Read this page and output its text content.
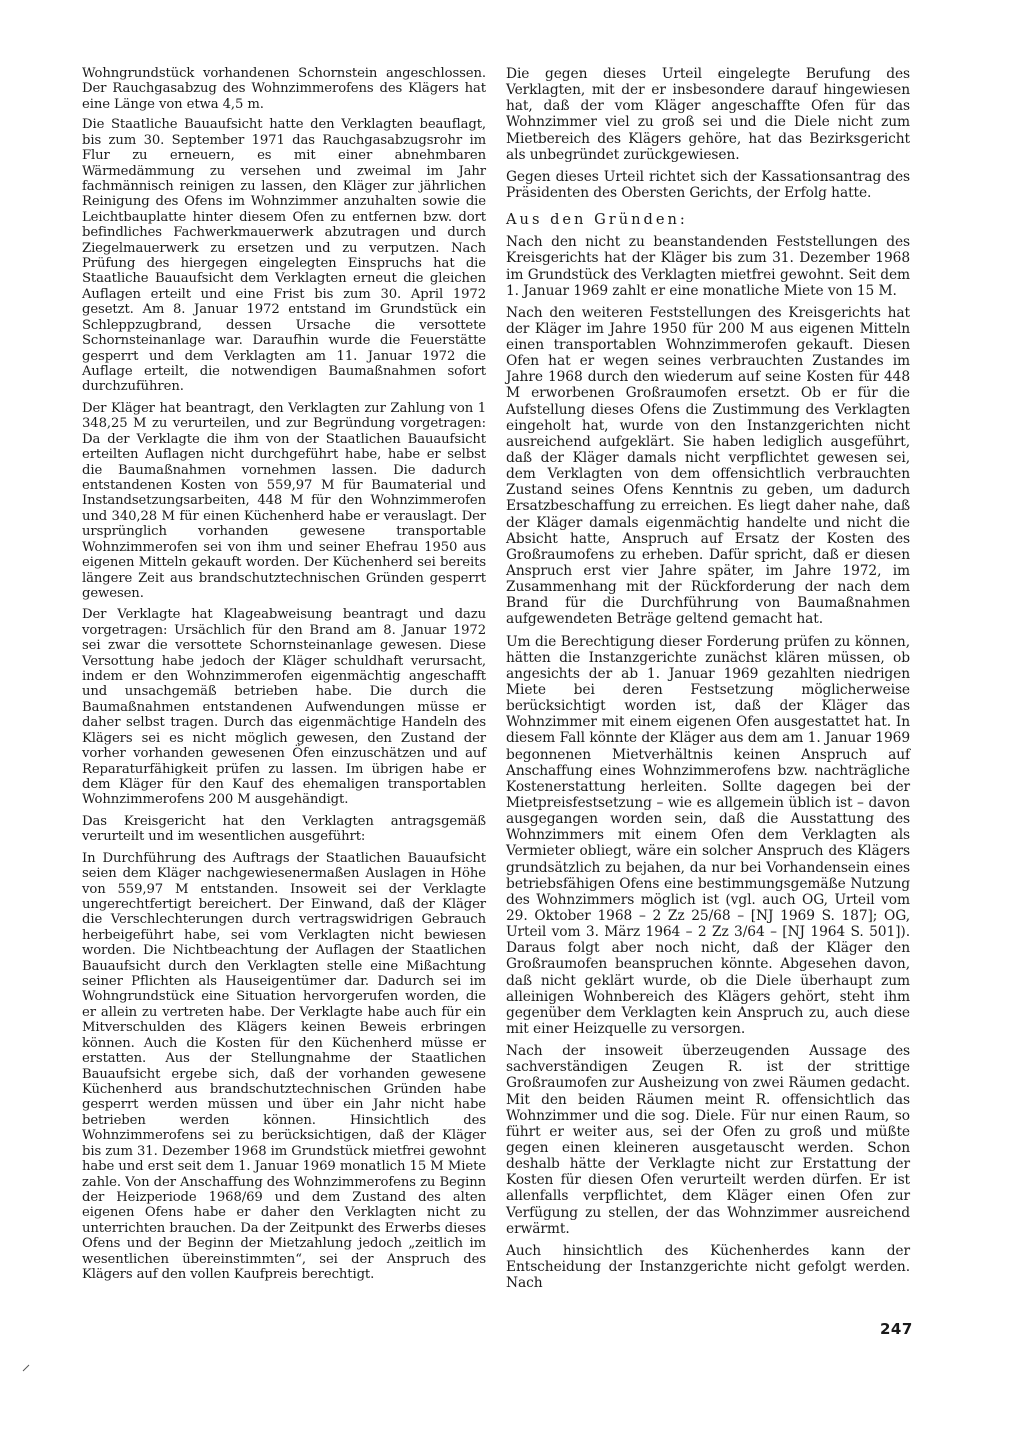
Wohngrundstück vorhandenen Schornstein angeschlossen. Der Rauchgasabzug des Wohnzimmerofens des Klägers hat eine Länge von etwa 4,5 m.

Die Staatliche Bauaufsicht hatte den Verklagten beauflagt, bis zum 30. September 1971 das Rauchgasabzugsrohr im Flur zu erneuern, es mit einer abnehmbaren Wärmedämmung zu versehen und zweimal im Jahr fachmännisch reinigen zu lassen, den Kläger zur jährlichen Reinigung des Ofens im Wohnzimmer anzuhalten sowie die Leichtbauplatte hinter diesem Ofen zu entfernen bzw. dort befindliches Fachwerkmauerwerk abzutragen und durch Ziegelmauerwerk zu ersetzen und zu verputzen. Nach Prüfung des hiergegen eingelegten Einspruchs hat die Staatliche Bauaufsicht dem Verklagten erneut die gleichen Auflagen erteilt und eine Frist bis zum 30. April 1972 gesetzt. Am 8. Januar 1972 entstand im Grundstück ein Schleppzugbrand, dessen Ursache die versottete Schornsteinanlage war. Daraufhin wurde die Feuerstätte gesperrt und dem Verklagten am 11. Januar 1972 die Auflage erteilt, die notwendigen Baumaßnahmen sofort durchzuführen.

Der Kläger hat beantragt, den Verklagten zur Zahlung von 1 348,25 M zu verurteilen, und zur Begründung vorgetragen: Da der Verklagte die ihm von der Staatlichen Bauaufsicht erteilten Auflagen nicht durchgeführt habe, habe er selbst die Baumaßnahmen vornehmen lassen. Die dadurch entstandenen Kosten von 559,97 M für Baumaterial und Instandsetzungsarbeiten, 448 M für den Wohnzimmerofen und 340,28 M für einen Küchenherd habe er verauslagt. Der ursprünglich vorhanden gewesene transportable Wohnzimmerofen sei von ihm und seiner Ehefrau 1950 aus eigenen Mitteln gekauft worden. Der Küchenherd sei bereits längere Zeit aus brandschutztechnischen Gründen gesperrt gewesen.

Der Verklagte hat Klageabweisung beantragt und dazu vorgetragen: Ursächlich für den Brand am 8. Januar 1972 sei zwar die versottete Schornsteinanlage gewesen. Diese Versottung habe jedoch der Kläger schuldhaft verursacht, indem er den Wohnzimmerofen eigenmächtig angeschafft und unsachgemäß betrieben habe. Die durch die Baumaßnahmen entstandenen Aufwendungen müsse er daher selbst tragen. Durch das eigenmächtige Handeln des Klägers sei es nicht möglich gewesen, den Zustand der vorher vorhanden gewesenen Öfen einzuschätzen und auf Reparaturfähigkeit prüfen zu lassen. Im übrigen habe er dem Kläger für den Kauf des ehemaligen transportablen Wohnzimmerofens 200 M ausgehändigt.

Das Kreisgericht hat den Verklagten antragsgemäß verurteilt und im wesentlichen ausgeführt:

In Durchführung des Auftrags der Staatlichen Bauaufsicht seien dem Kläger nachgewiesenermaßen Auslagen in Höhe von 559,97 M entstanden. Insoweit sei der Verklagte ungerechtfertigt bereichert. Der Einwand, daß der Kläger die Verschlechterungen durch vertragswidrigen Gebrauch herbeigeführt habe, sei vom Verklagten nicht bewiesen worden. Die Nichtbeachtung der Auflagen der Staatlichen Bauaufsicht durch den Verklagten stelle eine Mißachtung seiner Pflichten als Hauseigentümer dar. Dadurch sei im Wohngrundstück eine Situation hervorgerufen worden, die er allein zu vertreten habe. Der Verklagte habe auch für ein Mitverschulden des Klägers keinen Beweis erbringen können. Auch die Kosten für den Küchenherd müsse er erstatten. Aus der Stellungnahme der Staatlichen Bauaufsicht ergebe sich, daß der vorhanden gewesene Küchenherd aus brandschutztechnischen Gründen habe gesperrt werden müssen und über ein Jahr nicht habe betrieben werden können. Hinsichtlich des Wohnzimmerofens sei zu berücksichtigen, daß der Kläger bis zum 31. Dezember 1968 im Grundstück mietfrei gewohnt habe und erst seit dem 1. Januar 1969 monatlich 15 M Miete zahle. Von der Anschaffung des Wohnzimmerofens zu Beginn der Heizperiode 1968/69 und dem Zustand des alten eigenen Ofens habe er daher den Verklagten nicht zu unterrichten brauchen. Da der Zeitpunkt des Erwerbs dieses Ofens und der Beginn der Mietzahlung jedoch „zeitlich im wesentlichen übereinstimmten“, sei der Anspruch des Klägers auf den vollen Kaufpreis berechtigt.

Die gegen dieses Urteil eingelegte Berufung des Verklagten, mit der er insbesondere darauf hingewiesen hat, daß der vom Kläger angeschaffte Ofen für das Wohnzimmer viel zu groß sei und die Diele nicht zum Mietbereich des Klägers gehöre, hat das Bezirksgericht als unbegründet zurückgewiesen.

Gegen dieses Urteil richtet sich der Kassationsantrag des Präsidenten des Obersten Gerichts, der Erfolg hatte.

Aus den Gründen:

Nach den nicht zu beanstandenden Feststellungen des Kreisgerichts hat der Kläger bis zum 31. Dezember 1968 im Grundstück des Verklagten mietfrei gewohnt. Seit dem 1. Januar 1969 zahlt er eine monatliche Miete von 15 M.

Nach den weiteren Feststellungen des Kreisgerichts hat der Kläger im Jahre 1950 für 200 M aus eigenen Mitteln einen transportablen Wohnzimmerofen gekauft. Diesen Ofen hat er wegen seines verbrauchten Zustandes im Jahre 1968 durch den wiederum auf seine Kosten für 448 M erworbenen Großraumofen ersetzt. Ob er für die Aufstellung dieses Ofens die Zustimmung des Verklagten eingeholt hat, wurde von den Instanzgerichten nicht ausreichend aufgeklärt. Sie haben lediglich ausgeführt, daß der Kläger damals nicht verpflichtet gewesen sei, dem Verklagten von dem offensichtlich verbrauchten Zustand seines Ofens Kenntnis zu geben, um dadurch Ersatzbeschaffung zu erreichen. Es liegt daher nahe, daß der Kläger damals eigenmächtig handelte und nicht die Absicht hatte, Anspruch auf Ersatz der Kosten des Großraumofens zu erheben. Dafür spricht, daß er diesen Anspruch erst vier Jahre später, im Jahre 1972, im Zusammenhang mit der Rückforderung der nach dem Brand für die Durchführung von Baumaßnahmen aufgewendeten Beträge geltend gemacht hat.

Um die Berechtigung dieser Forderung prüfen zu können, hätten die Instanzgerichte zunächst klären müssen, ob angesichts der ab 1. Januar 1969 gezahlten niedrigen Miete bei deren Festsetzung möglicherweise berücksichtigt worden ist, daß der Kläger das Wohnzimmer mit einem eigenen Ofen ausgestattet hat. In diesem Fall könnte der Kläger aus dem am 1. Januar 1969 begonnenen Mietverhältnis keinen Anspruch auf Anschaffung eines Wohnzimmerofens bzw. nachträgliche Kostenerstattung herleiten. Sollte dagegen bei der Mietpreisfestsetzung – wie es allgemein üblich ist – davon ausgegangen worden sein, daß die Ausstattung des Wohnzimmers mit einem Ofen dem Verklagten als Vermieter obliegt, wäre ein solcher Anspruch des Klägers grundsätzlich zu bejahen, da nur bei Vorhandensein eines betriebsfähigen Ofens eine bestimmungsgemäße Nutzung des Wohnzimmers möglich ist (vgl. auch OG, Urteil vom 29. Oktober 1968 – 2 Zz 25/68 – [NJ 1969 S. 187]; OG, Urteil vom 3. März 1964 – 2 Zz 3/64 – [NJ 1964 S. 501]). Daraus folgt aber noch nicht, daß der Kläger den Großraumofen beanspruchen könnte. Abgesehen davon, daß nicht geklärt wurde, ob die Diele überhaupt zum alleinigen Wohnbereich des Klägers gehört, steht ihm gegenüber dem Verklagten kein Anspruch zu, auch diese mit einer Heizquelle zu versorgen.

Nach der insoweit überzeugenden Aussage des sachverständigen Zeugen R. ist der strittige Großraumofen zur Ausheizung von zwei Räumen gedacht. Mit den beiden Räumen meint R. offensichtlich das Wohnzimmer und die sog. Diele. Für nur einen Raum, so führt er weiter aus, sei der Ofen zu groß und müßte gegen einen kleineren ausgetauscht werden. Schon deshalb hätte der Verklagte nicht zur Erstattung der Kosten für diesen Ofen verurteilt werden dürfen. Er ist allenfalls verpflichtet, dem Kläger einen Ofen zur Verfügung zu stellen, der das Wohnzimmer ausreichend erwärmt.

Auch hinsichtlich des Küchenherdes kann der Entscheidung der Instanzgerichte nicht gefolgt werden. Nach

247
